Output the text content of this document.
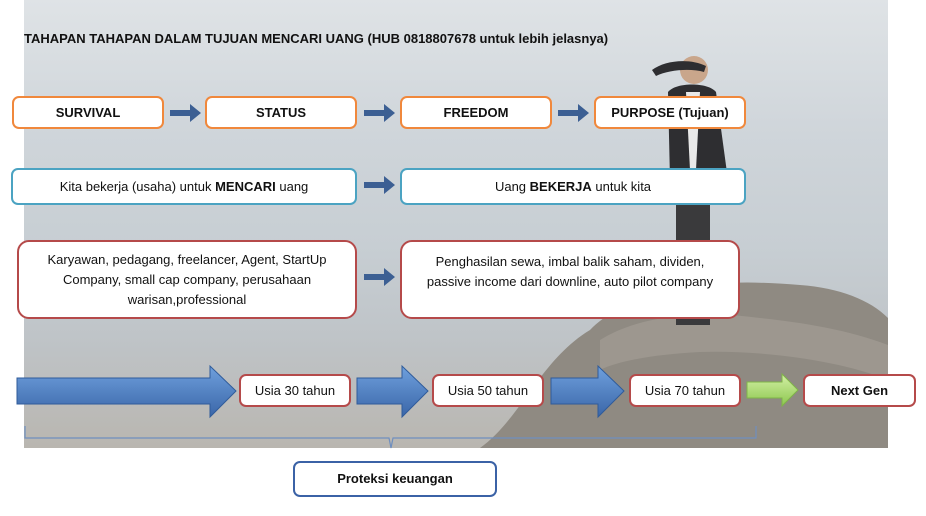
TAHAPAN TAHAPAN DALAM TUJUAN MENCARI UANG (HUB 0818807678 untuk lebih jelasnya)
SURVIVAL	STATUS	FREEDOM	PURPOSE (Tujuan)
Kita bekerja (usaha) untuk MENCARI uang	Uang BEKERJA untuk kita
Karyawan, pedagang, freelancer, Agent, StartUp Company, small cap company, perusahaan warisan,professional
Penghasilan sewa, imbal balik saham, dividen, passive income dari downline, auto pilot company
Usia 30 tahun	Usia 50 tahun	Usia 70 tahun	Next Gen
Proteksi keuangan
